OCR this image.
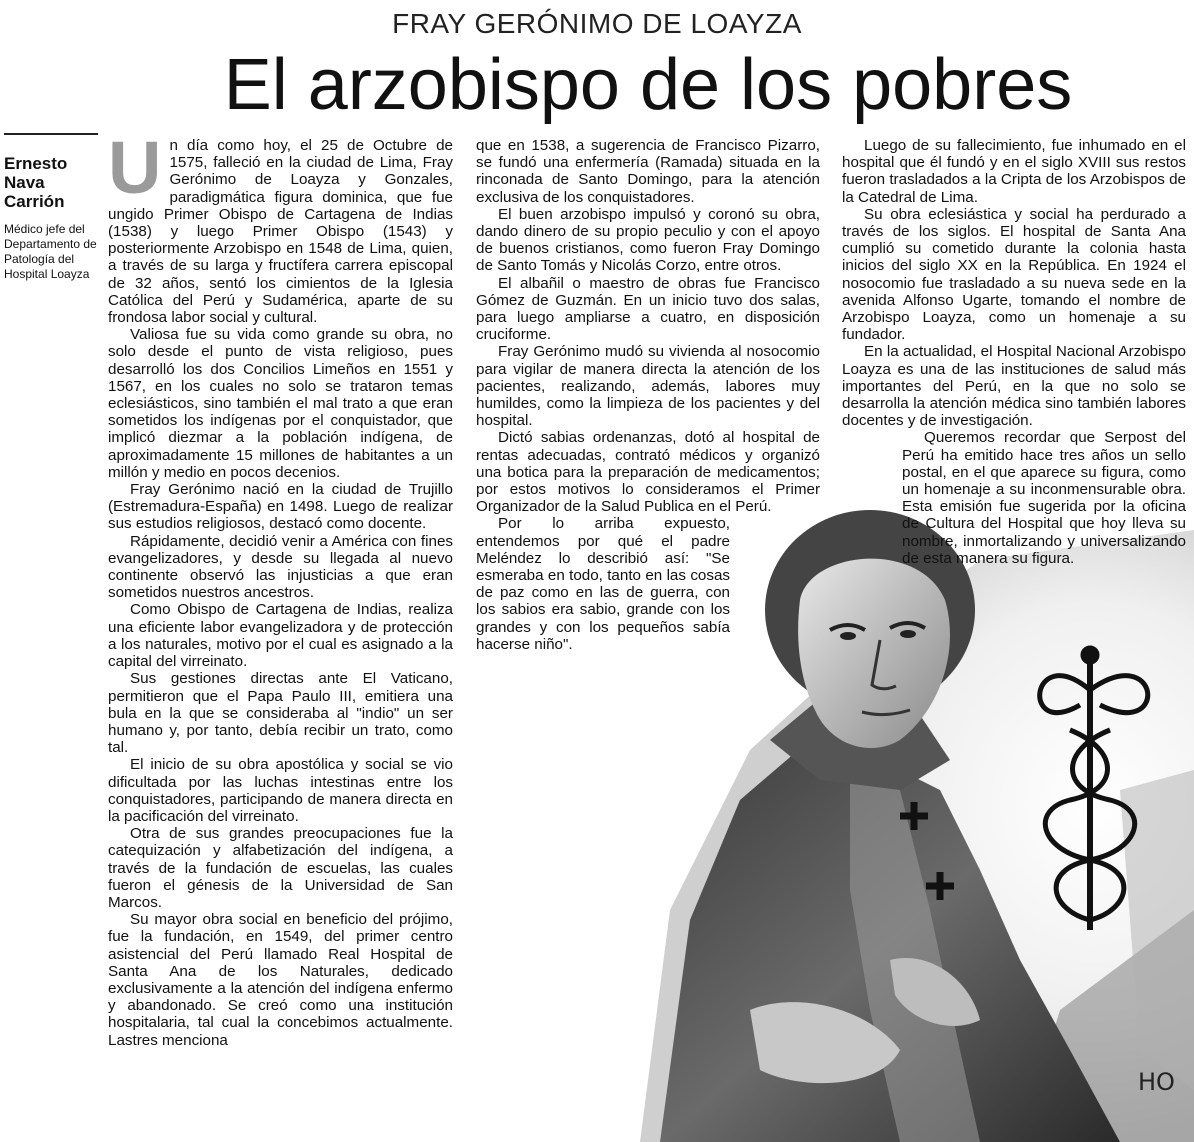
FRAY GERÓNIMO DE LOAYZA
El arzobispo de los pobres
Ernesto Nava Carrión
Médico jefe del Departamento de Patología del Hospital Loayza
HO

Un día como hoy, el 25 de Octubre de 1575, falleció en la ciudad de Lima, Fray Gerónimo de Loayza y Gonzales, paradigmática figura dominica, que fue ungido Primer Obispo de Cartagena de Indias (1538) y luego Primer Obispo (1543) y posteriormente Arzobispo en 1548 de Lima, quien, a través de su larga y fructífera carrera episcopal de 32 años, sentó los cimientos de la Iglesia Católica del Perú y Sudamérica, aparte de su frondosa labor social y cultural.

Valiosa fue su vida como grande su obra, no solo desde el punto de vista religioso, pues desarrolló los dos Concilios Limeños en 1551 y 1567, en los cuales no solo se trataron temas eclesiásticos, sino también el mal trato a que eran sometidos los indígenas por el conquistador, que implicó diezmar a la población indígena, de aproximadamente 15 millones de habitantes a un millón y medio en pocos decenios.

Fray Gerónimo nació en la ciudad de Trujillo (Estremadura-España) en 1498. Luego de realizar sus estudios religiosos, destacó como docente.

Rápidamente, decidió venir a América con fines evangelizadores, y desde su llegada al nuevo continente observó las injusticias a que eran sometidos nuestros ancestros.

Como Obispo de Cartagena de Indias, realiza una eficiente labor evangelizadora y de protección a los naturales, motivo por el cual es asignado a la capital del virreinato.

Sus gestiones directas ante El Vaticano, permitieron que el Papa Paulo III, emitiera una bula en la que se consideraba al "indio" un ser humano y, por tanto, debía recibir un trato, como tal.

El inicio de su obra apostólica y social se vio dificultada por las luchas intestinas entre los conquistadores, participando de manera directa en la pacificación del virreinato.

Otra de sus grandes preocupaciones fue la catequización y alfabetización del indígena, a través de la fundación de escuelas, las cuales fueron el génesis de la Universidad de San Marcos.

Su mayor obra social en beneficio del prójimo, fue la fundación, en 1549, del primer centro asistencial del Perú llamado Real Hospital de Santa Ana de los Naturales, dedicado exclusivamente a la atención del indígena enfermo y abandonado. Se creó como una institución hospitalaria, tal cual la concebimos actualmente. Lastres menciona

que en 1538, a sugerencia de Francisco Pizarro, se fundó una enfermería (Ramada) situada en la rinconada de Santo Domingo, para la atención exclusiva de los conquistadores.

El buen arzobispo impulsó y coronó su obra, dando dinero de su propio peculio y con el apoyo de buenos cristianos, como fueron Fray Domingo de Santo Tomás y Nicolás Corzo, entre otros.

El albañil o maestro de obras fue Francisco Gómez de Guzmán. En un inicio tuvo dos salas, para luego ampliarse a cuatro, en disposición cruciforme.

Fray Gerónimo mudó su vivienda al nosocomio para vigilar de manera directa la atención de los pacientes, realizando, además, labores muy humildes, como la limpieza de los pacientes y del hospital.

Dictó sabias ordenanzas, dotó al hospital de rentas adecuadas, contrató médicos y organizó una botica para la preparación de medicamentos; por estos motivos lo consideramos el Primer Organizador de la Salud Publica en el Perú.

Por lo arriba expuesto, entendemos por qué el padre Meléndez lo describió así: "Se esmeraba en todo, tanto en las cosas de paz como en las de guerra, con los sabios era sabio, grande con los grandes y con los pequeños sabía hacerse niño".

Luego de su fallecimiento, fue inhumado en el hospital que él fundó y en el siglo XVIII sus restos fueron trasladados a la Cripta de los Arzobispos de la Catedral de Lima.

Su obra eclesiástica y social ha perdurado a través de los siglos. El hospital de Santa Ana cumplió su cometido durante la colonia hasta inicios del siglo XX en la República. En 1924 el nosocomio fue trasladado a su nueva sede en la avenida Alfonso Ugarte, tomando el nombre de Arzobispo Loayza, como un homenaje a su fundador.

En la actualidad, el Hospital Nacional Arzobispo Loayza es una de las instituciones de salud más importantes del Perú, en la que no solo se desarrolla la atención médica sino también labores docentes y de investigación.

Queremos recordar que Serpost del Perú ha emitido hace tres años un sello postal, en el que aparece su figura, como un homenaje a su inconmensurable obra. Esta emisión fue sugerida por la oficina de Cultura del Hospital que hoy lleva su nombre, inmortalizando y universalizando de esta manera su figura.
